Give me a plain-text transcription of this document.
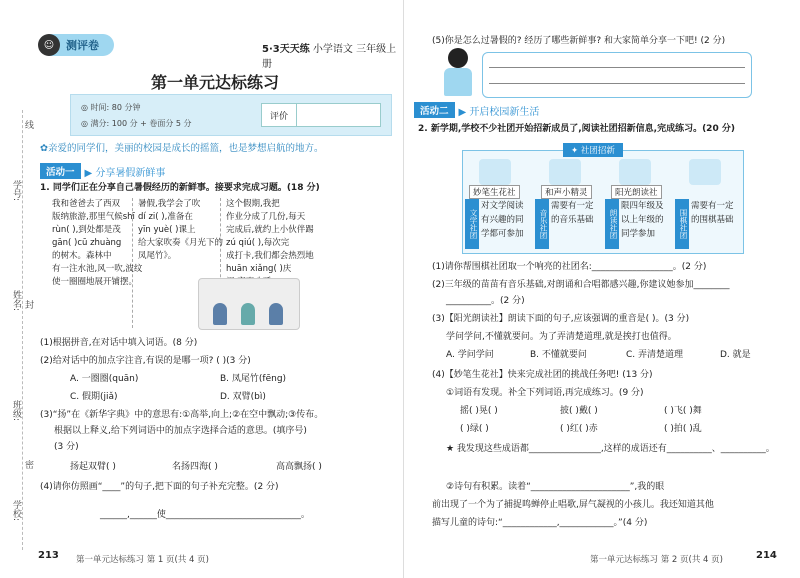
学号:
姓名:
班级:
学校:
线
封
密
☺	测评卷	5·3天天练 小学语文 三年级上册
第一单元达标练习
◎ 时间: 80 分钟
◎ 满分: 100 分 + 卷面分 5 分
评价
✿亲爱的同学们，美丽的校园是成长的摇篮，也是梦想启航的地方。
活动一	▶ 分享暑假新鲜事
1. 同学们正在分享自己暑假经历的新鲜事。接要求完成习题。(18 分)
我和爸爸去了西双
版纳旅游,那里气候shī
rùn( ),到处都是茂
gān( )cū zhuàng
的树木。森林中
有一注水池,风一吹,波纹
使一圈圈地展开铺摆。
暑假,我学会了吹
dí zi( ),准备在
yīn yuè( )课上
给大家吹奏《月光下的
凤尾竹》。
这个假期,我把
作业分成了几份,每天
完成后,就约上小伙伴踢
zú qiú( ),每次完
成打卡,我们都会热烈地
huān xiǎng( )庆
(1)根据拼音,在对话中填入词语。(8 分)
(2)给对话中的加点字注音,有误的是哪一项? ( )(3 分)
A. 一圈圈(quān)	B. 凤尾竹(fēng)
C. 假期(jiǎ)	D. 双臂(bì)
(3)“扬”在《新华字典》中的意思有:①高举,向上;②在空中飘动;③传布。
根据以上释义,给下列词语中的加点字选择合适的意思。(填序号)
(3 分)
扬起双臂( )	名扬四海( )	高高飘扬( )
(4)请你仿照画“____”的句子,把下面的句子补充完整。(2 分)
______,______使______________________________。
213 第一单元达标练习 第 1 页(共 4 页)
(5)你是怎么过暑假的? 经历了哪些新鲜事? 和大家简单分享一下吧! (2 分)
活动二	▶ 开启校园新生活
2. 新学期,学校不少社团开始招新成员了,阅读社团招新信息,完成练习。(20 分)
✦ 社团招新
妙笔生花社	和声小精灵	阳光朗读社
文学社团	音乐社团	朗读社团	围棋社团
对文学阅读
有兴趣的同
学都可参加
需要有一定
的音乐基础
限四年级及
以上年级的
同学参加
需要有一定
的围棋基础
(1)请你帮围棋社团取一个响亮的社团名:__________________。(2 分)
(2)三年级的苗苗有音乐基础,对朗诵和合唱都感兴趣,你建议她参加________
__________。(2 分)
(3)【阳光朗读社】朗读下面的句子,应该强调的重音是( )。(3 分)
学问学问,不懂就要问。为了弄清楚道理,就是挨打也值得。
A. 学问学问	B. 不懂就要问	C. 弄清楚道理	D. 就是
(4)【妙笔生花社】快来完成社团的挑战任务吧! (13 分)
①词语有发现。补全下列词语,再完成练习。(9 分)
摇( )晃( )	披( )戴( )	( )飞( )舞
( )绿( )	( )红( )赤	( )拍( )乱
★ 我发现这些成语都________________,这样的成语还有__________、__________。
②诗句有积累。读着“______________________”,我的眼
前出现了一个为了捕捉鸣蝉停止唱歌,屏气凝视的小孩儿。我还知道其他
描写儿童的诗句:“____________,____________。”(4 分)
第一单元达标练习 第 2 页(共 4 页)	214
